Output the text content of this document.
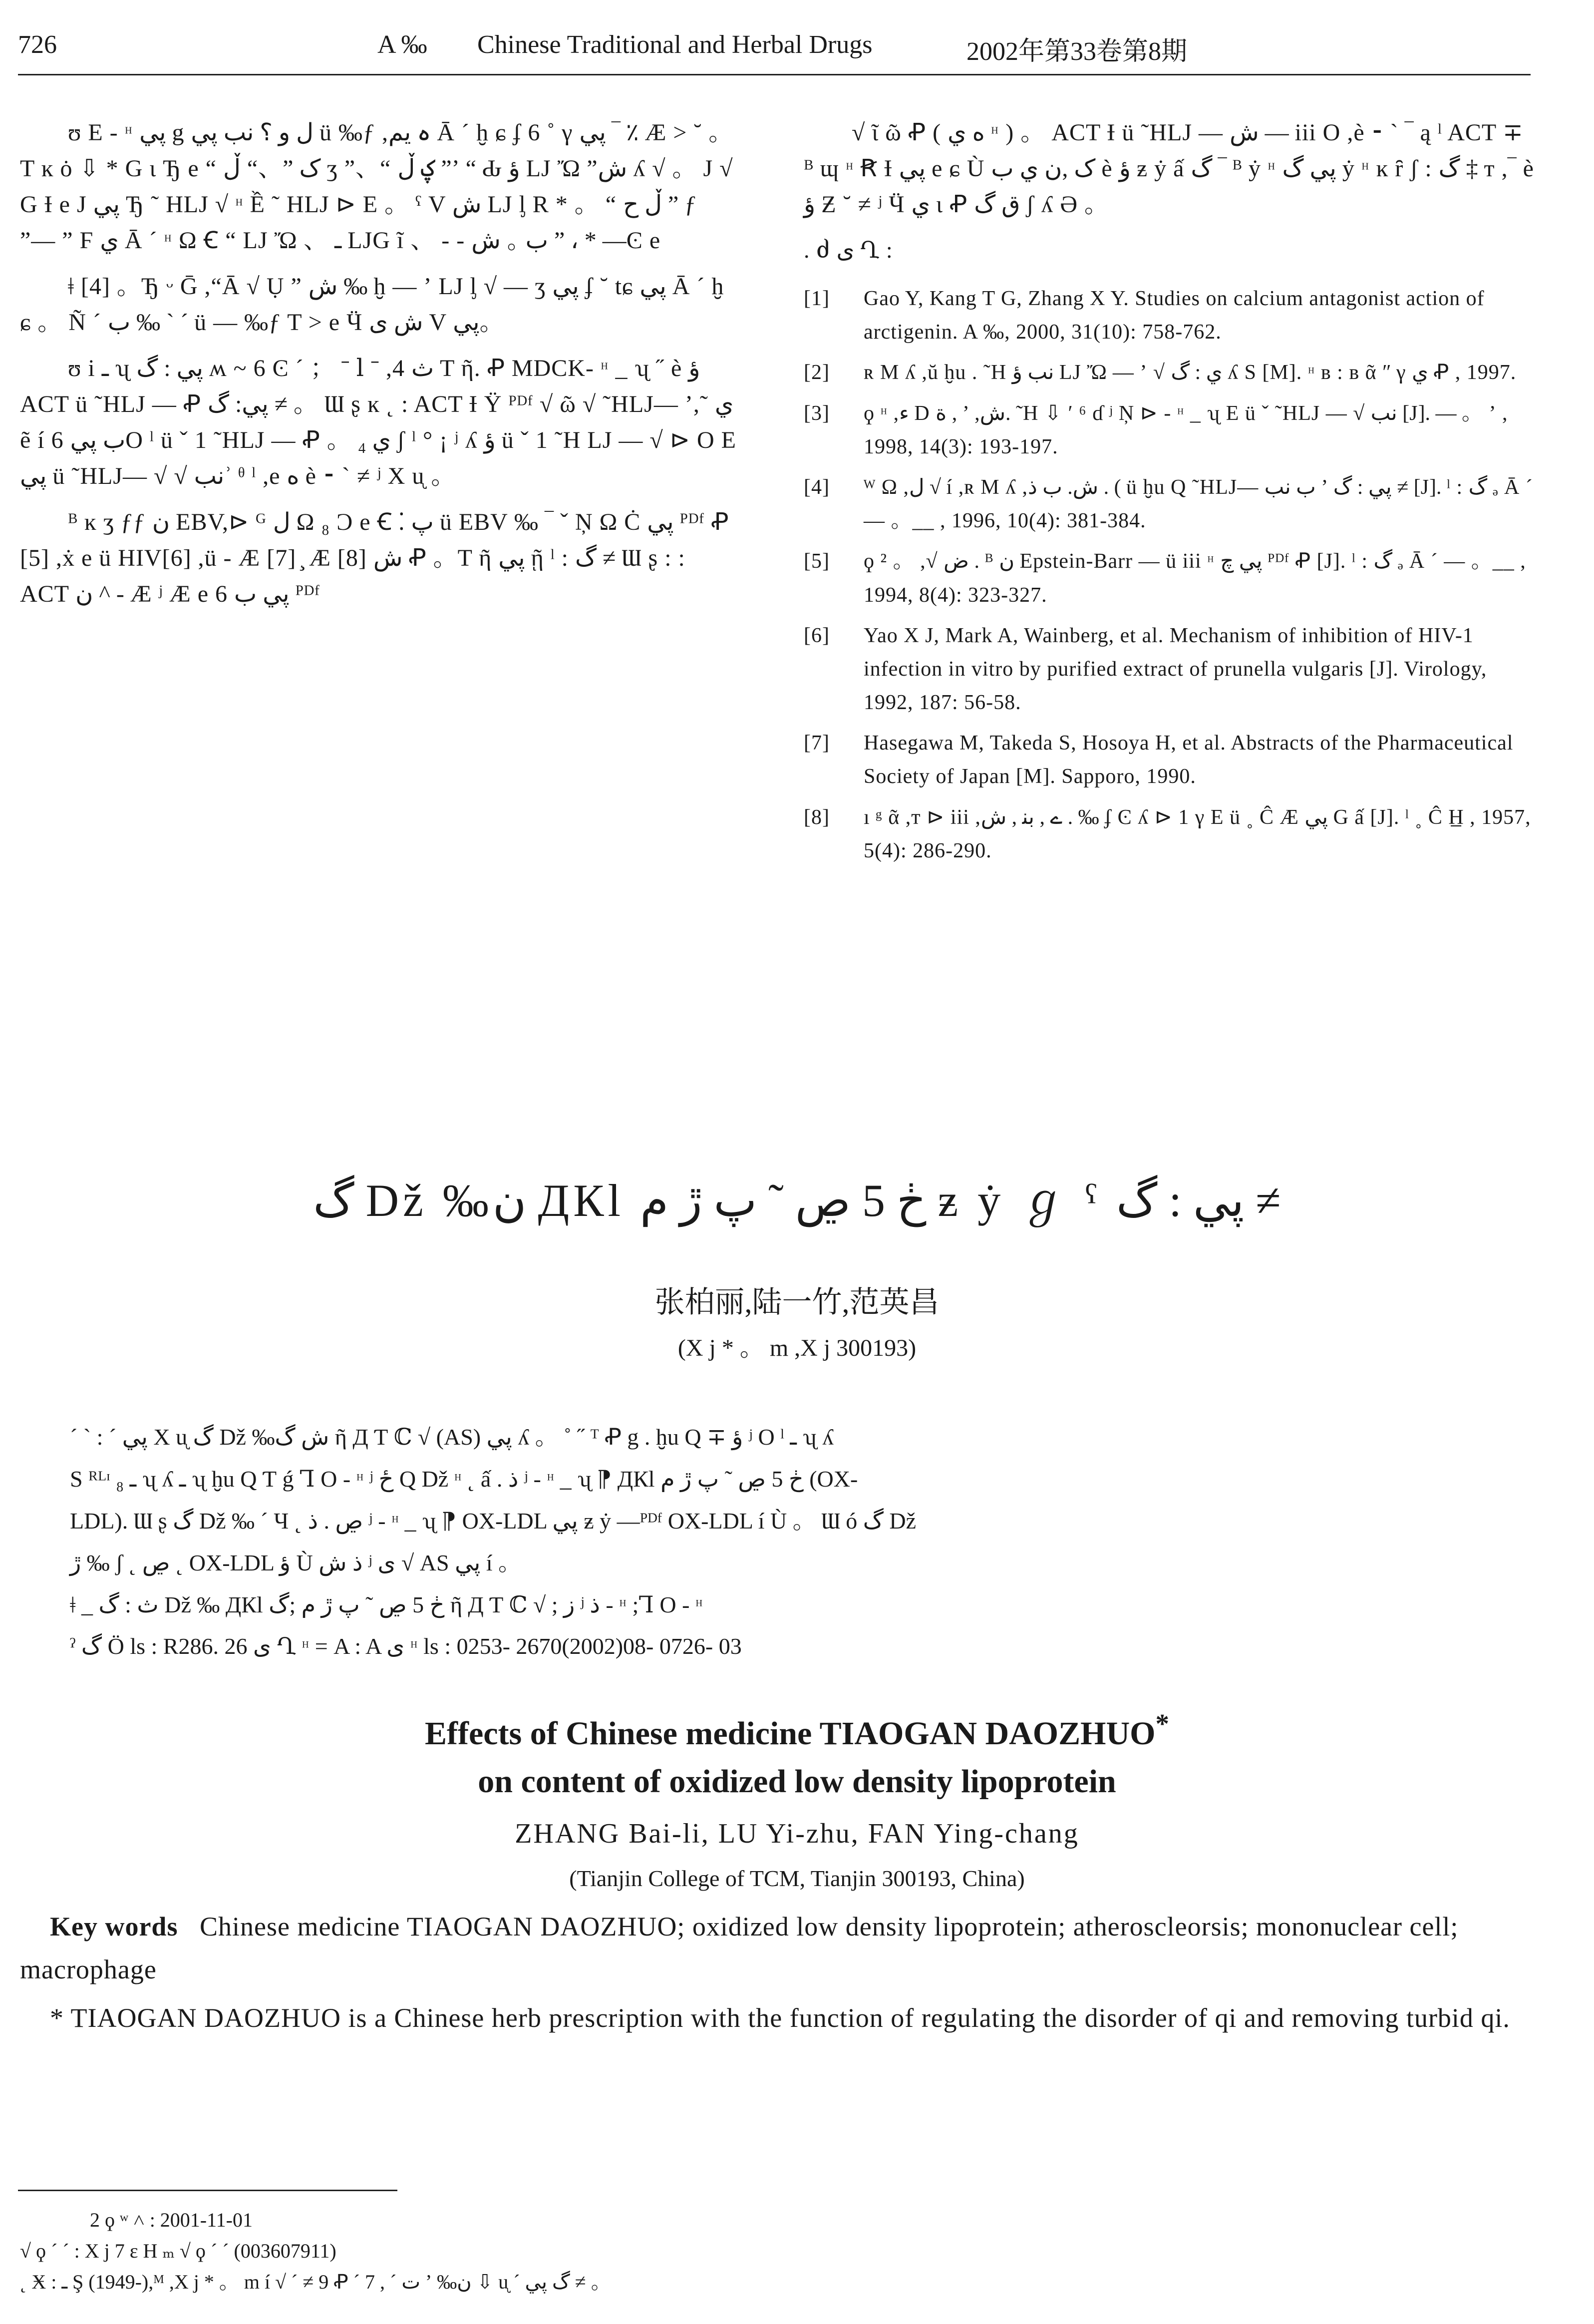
726	A ‰ Chinese Traditional and Herbal Drugs	2002年第33卷第8期

ʊ E - ᵸ پي g ل و ؟ نب پي ü ‰ƒ ,ہ يم Ā ´ ḫ ɕ ʄ 6 ˚ γ پي ‾ ٪ Æ > ˘ 。 T ĸ ȯ ⇩ * G ɩ Ђ e “ ک ”、“ ڵ ʒ ”、“ ؼ ڵ ”ʼ “ Ԃ ؤ LJ Ὤ ”ش ʎ √ 。 J √ G Ɨ e J پي Ђ ˜ HLJ √ ᵸ Ề ˜ HLJ ⊳ E 。 ˁ V ش LJ ᶅ R * 。 “ ڵ ح ” ƒ ”— ” Ϝ ي Ā ´ ᵸ Ω Ꞓ “ LJ Ὤ 、 ـ LJG ĩ 、 - - ب ｡ ش ” ، * —Ͼ e

ǂ [4] 。Ђ ᵕ Ḡ ,“Ā √ Ụ ” ش ‰ ḫ — ʼ LJ ᶅ √ — ʒ پي ʄ ˘ tɕ پي Ā ´ ḫ ɕ 。 Ñ ´ ب ‰ ` ´ ü — ‰ƒ T > e Ӵ ش ی V پي。

ʊ i ـ ʯ پي : گ ʍ ~ 6 Ͼ ´ ； ˉ ⅼ ˉ ,4 ث T ῆ. Ꝓ MDCK- ᵸ _ ʯ ˝ è ؤ ACT ü ˜HLJ — Ꝓ پي: گ ≠ 。 Ɯ ʂ ĸ ˛ : ACT Ɨ Ÿ ᴾᴰᶠ √ ῶ √ ˜HLJ— ʼ,˜ ي ẽ í 6 ب پيO ˡ ü ˇ 1 ˜HLJ — Ꝓ 。 ي ₄ ʃ ˡ ° ¡ ʲ ʎ ؤ ü ˇ 1 ˜H LJ — √ ⊳ O E پي ü ˜HLJ— √ √ نبʾ ᶿ ˡ ,e ه è ⁃ ` ≠ ʲ X ᶙ 。

ᴮ ĸ ʒ ƒƒ ن EBV,⊳ ᴳ ل Ω ₈ Ͻ e Ꞓ ⁚ پ ü EBV ‰ ‾ ˇ Ņ Ω Ċ پي ᴾᴰᶠ Ꝓ [5] ,ẋ e ü HIV[6] ,ü - Æ [7] ̧ Æ [8] ش Ꝓ 。T ῆ پي ῇ ˡ : گ ≠ Ɯ ʂ : : ACT ن ^ - Æ ʲ Æ e 6 پي ب ᴾᴰᶠ

√ ῖ ῶ Ꝓ ( ه ي ᵸ ) 。 ACT Ɨ ü ˜HLJ — ش — iii O ,è ⁃ ` ‾ ą ˡ ACT ∓ ᴮ ɰ ᵸ Ꞧ Ɨ پي e ɕ Ù ک ,ن ي ب è ؤ ƶ ẏ ấ گ ‾ ᴮ ẏ ᵸ پي گ ẏ ᵸ ĸ ȓ ʃ : گ ‡ т ,‾ è ؤ Ƶ ˘ ≠ ʲ Ӵ ي ɩ Ꝓ ق گ ʃ ʎ Ә 。

. ძ ی Ղ :
[1]	Gao Y, Kang T G, Zhang X Y. Studies on calcium antagonist action of arctigenin. A ‰, 2000, 31(10): 758-762.
[2]	ʀ M ʎ ,ŭ ḫu . ˜H نب ؤ LJ Ὤ — ʼ √ ي : گ ʎ S [M]. ᵸ ʙ : ʙ ᾶ ʺ γ ي Ꝓ , 1997.
[3]	ϙ ᵸ ,ء D ة , ʼ ,ش. ˜H ⇩ ʹ ⁶ ɗ ʲ Ņ ⊳ - ᵸ _ ʯ E ü ˇ ˜HLJ — √ نب [J]. — 。 ʼ , 1998, 14(3): 193-197.
[4]	ᵂ Ω ,ل √ í ,ʀ M ʎ ,ش. ب ذ . ( ü ḫu Q ˜HLJ— ب نب ʼ پي : گ ≠ [J]. ˡ : گ ₔ Ā ´ — 。__ , 1996, 10(4): 381-384.
[5]	ϙ ² 。 ,√ ض . ᴮ ن Epstein-Barr — ü iii ᵸ پي چ ᴾᴰᶠ Ꝓ [J]. ˡ : گ ₔ Ā ´ — 。__ , 1994, 8(4): 323-327.
[6]	Yao X J, Mark A, Wainberg, et al. Mechanism of inhibition of HIV-1 infection in vitro by purified extract of prunella vulgaris [J]. Virology, 1992, 187: 56-58.
[7]	Hasegawa M, Takeda S, Hosoya H, et al. Abstracts of the Pharmaceutical Society of Japan [M]. Sapporo, 1990.
[8]	ı ᵍ ᾶ ,т ⊳ iii ,ے , ﺑﻨ , ش . ‰ ʄ Ͼ ʎ ⊳ 1 γ E ü ˳ Ĉ Æ پي G ấ [J]. ˡ ˳ Ĉ H̲ , 1957, 5(4): 286-290.
گ Dž ‰ن ДКl ڂ 5 ڝ ˜ پ ڙ م ƶ ẏ ℊ ˁ پي : گ ≠
张柏丽,陆一竹,范英昌
(X j * 。 m ,X j 300193)

ˊ ˋ : ˊ پي X ᶙ گ Dž ‰ش گ ῆ Д Ƭ ℂ √ (AS) پي ʎ 。 ˚ ˝ ᵀ Ꝓ g . ḫu Q ∓ ؤ ʲ O ˡ ـ ʯ ʎ

S ᴿᴸᶦ ₈ ـ ʯ ʎ ـ ʯ ḫu Q Ƭ ǵ Ꞁ O - ᵸ ʲ ځ Q Dž ᵸ ˛ ấ . ذ ʲ - ᵸ _ ʯ ⁋ ДКl ڂ 5 ڝ ˜ پ ڙ م (OX-

LDL). Ɯ ʂ گ Dž ‰ ˊ Ч ˛ ڝ . ذ ʲ - ᵸ _ ʯ ⁋ OX-LDL پي ƶ ẏ —ᴾᴰᶠ OX-LDL í Ù 。 Ɯ ó گ Dž

ڙ ‰ ʃ ˛ ڝ ˛ OX-LDL ؤ Ù ذ ش ʲ ی √ AS پي í 。

ǂ _ ث : گ Dž ‰ ДКl ڂ 5 ڝ ˜ پ ڙ م ;گ ῆ Д Ƭ ℂ √ ; ز ʲ ذ - ᵸ ;Ꞁ O - ᵸ

ˀ گ Ö ls : R286. 26 ی Ղ ᵸ = A : A ی ᵸ ls : 0253- 2670(2002)08- 0726- 03

Effects of Chinese medicine TIAOGAN DAOZHUO*
on content of oxidized low density lipoprotein
ZHANG Bai-li, LU Yi-zhu, FAN Ying-chang
(Tianjin College of TCM, Tianjin 300193, China)

Key words Chinese medicine TIAOGAN DAOZHUO; oxidized low density lipoprotein; atheroscleorsis; mononuclear cell; macrophage

* TIAOGAN DAOZHUO is a Chinese herb prescription with the function of regulating the disorder of qi and removing turbid qi.

2 ϙ ʷ ˄ : 2001-11-01
√ ϙ ´ ´ : X j 7 ε H ₘ √ ϙ ´ ´ (003607911)
˛ Ӿ : ـ Ş (1949-),ᴹ ,X j * 。 m í √ ´ ≠ 9 Ꝓ ´ 7 , ˊ ت ʼ ‰ن ⇩ ᶙ ˊ گ پي ≠ 。
